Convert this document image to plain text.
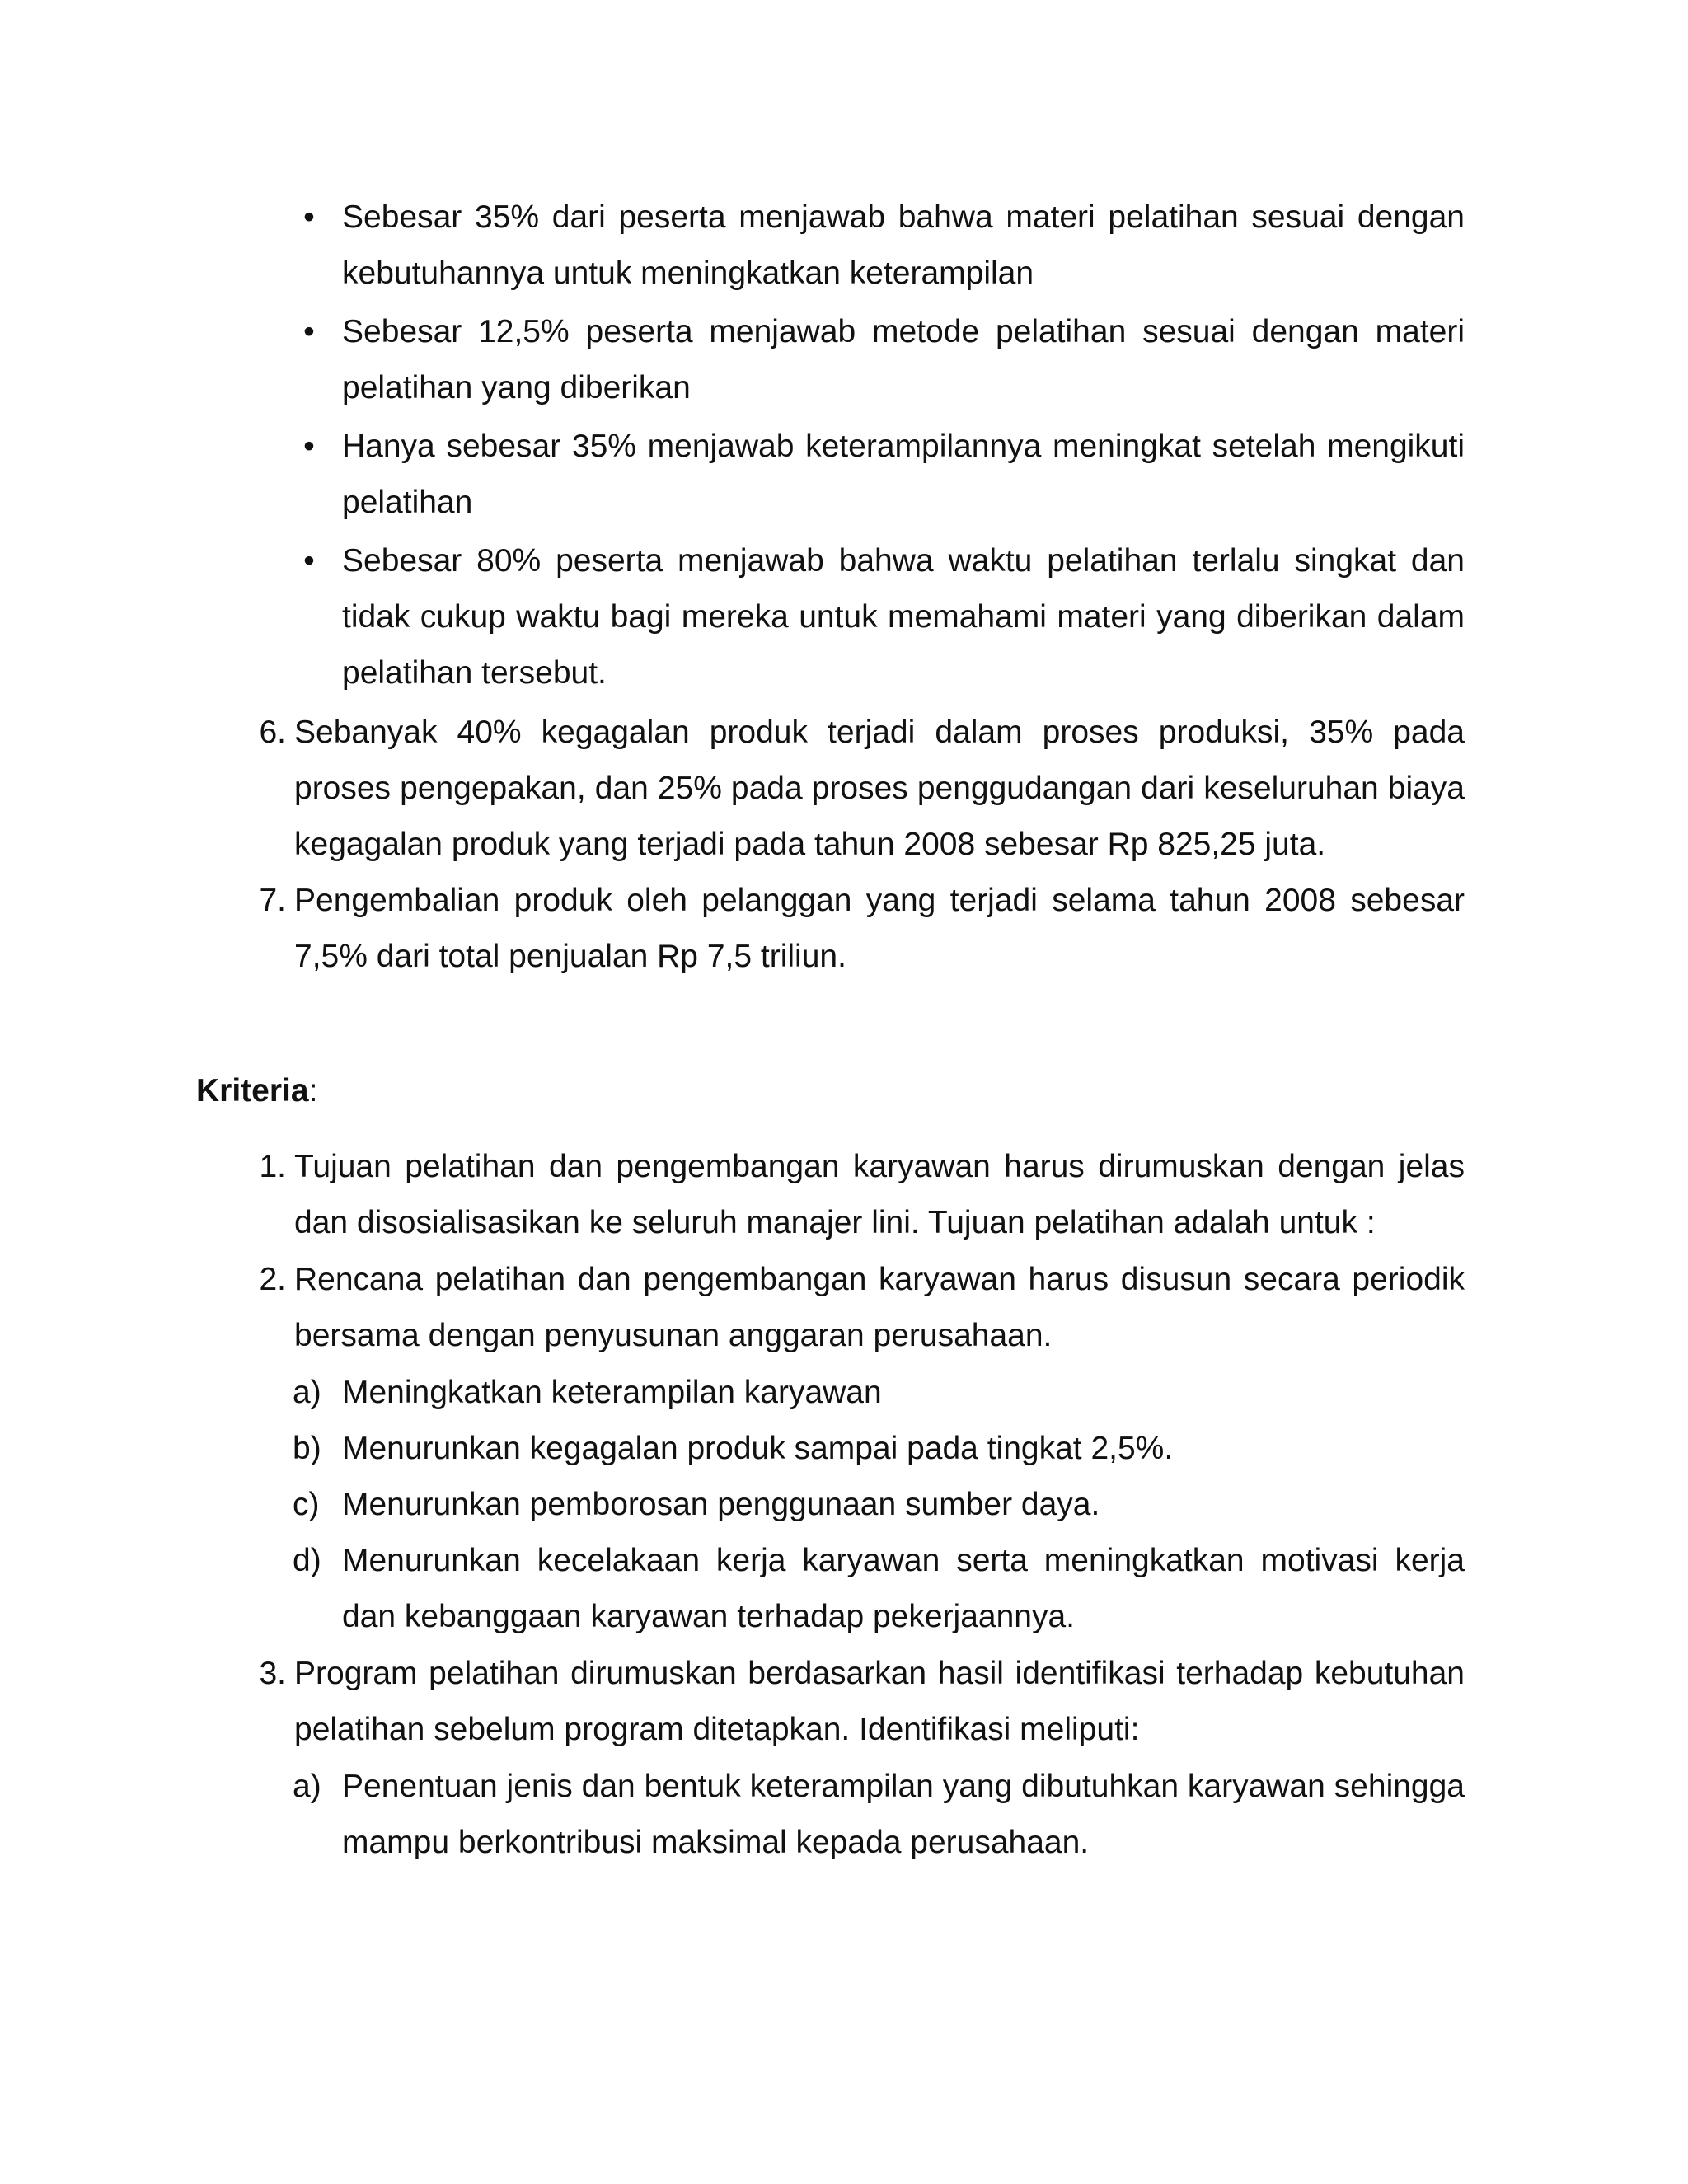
• Sebesar 35% dari peserta menjawab bahwa materi pelatihan sesuai dengan kebutuhannya untuk meningkatkan keterampilan
• Sebesar 12,5% peserta menjawab metode pelatihan sesuai dengan materi pelatihan yang diberikan
• Hanya sebesar 35% menjawab keterampilannya meningkat setelah mengikuti pelatihan
• Sebesar 80% peserta menjawab bahwa waktu pelatihan terlalu singkat dan tidak cukup waktu bagi mereka untuk memahami materi yang diberikan dalam pelatihan tersebut.
6. Sebanyak 40% kegagalan produk terjadi dalam proses produksi, 35% pada proses pengepakan, dan 25% pada proses penggudangan dari keseluruhan biaya kegagalan produk yang terjadi pada tahun 2008 sebesar Rp 825,25 juta.
7. Pengembalian produk oleh pelanggan yang terjadi selama tahun 2008 sebesar 7,5% dari total penjualan Rp 7,5 triliun.
Kriteria:
1. Tujuan pelatihan dan pengembangan karyawan harus dirumuskan dengan jelas dan disosialisasikan ke seluruh manajer lini. Tujuan pelatihan adalah untuk :
2. Rencana pelatihan dan pengembangan karyawan harus disusun secara periodik bersama dengan penyusunan anggaran perusahaan.
a) Meningkatkan keterampilan karyawan
b) Menurunkan kegagalan produk sampai pada tingkat 2,5%.
c) Menurunkan pemborosan penggunaan sumber daya.
d) Menurunkan kecelakaan kerja karyawan serta meningkatkan motivasi kerja dan kebanggaan karyawan terhadap pekerjaannya.
3. Program pelatihan dirumuskan berdasarkan hasil identifikasi terhadap kebutuhan pelatihan sebelum program ditetapkan. Identifikasi meliputi:
a) Penentuan jenis dan bentuk keterampilan yang dibutuhkan karyawan sehingga mampu berkontribusi maksimal kepada perusahaan.
